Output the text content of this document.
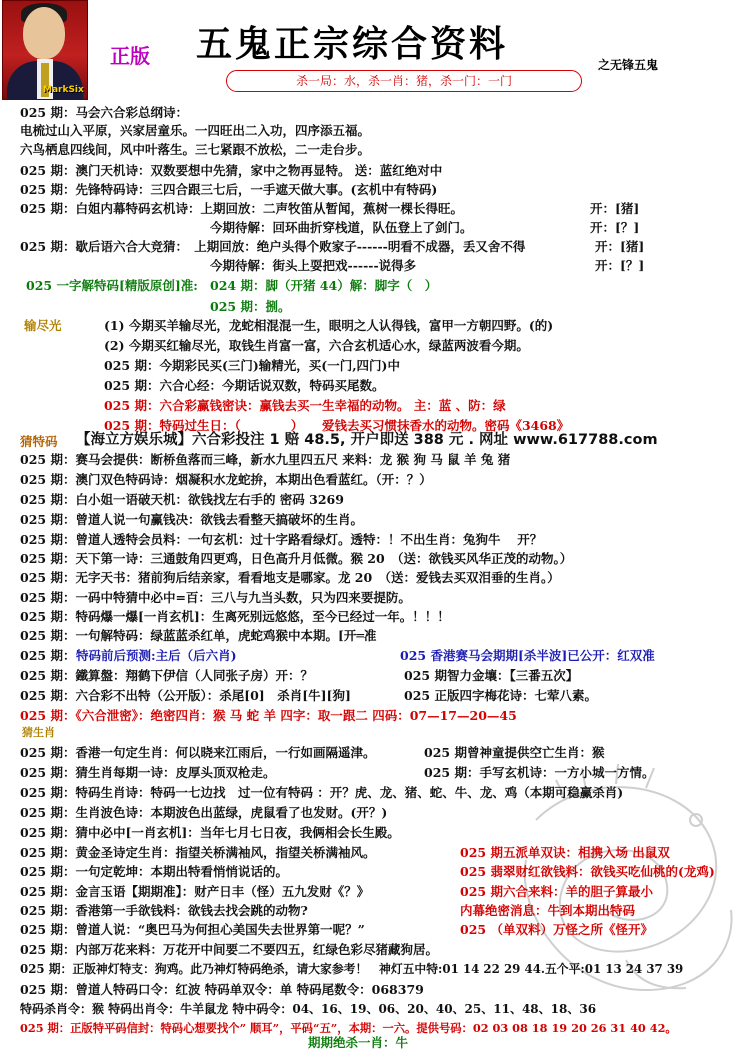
MarkSix
正版 五鬼正宗综合资料	之无锋五鬼
杀一局：水，杀一肖：猪，杀一门：一门
025 期：马会六合彩总纲诗：
电梳过山入平原，兴家居童乐。一四旺出二入功，四序添五福。
六鸟栖息四线间，风中叶落生。三七紧跟不放松，二一走台步。
025 期：澳门天机诗：双数要想中先猜，家中之物再显特。 送：蓝红绝对中
025 期：先锋特码诗：三四合跟三七后，一手遮天做大事。(玄机中有特码)
025 期：白姐内幕特码玄机诗：上期回放：二声牧笛从暂闻，蕉树一棵长得旺。	开：[猪]
今期待解：回环曲折穿栈道，队伍登上了剑门。	开：[？]
025 期：歇后语六合大竞猜：　上期回放：绝户头得个败家子------明看不成器，丢又舍不得	开：[猪]
今期待解：街头上耍把戏------说得多	开：[？]
025 一字解特码[精版原创]准: 024 期：脚（开猪 44）解：脚字（　）
025 期：捌。
输尽光	(1) 今期买羊输尽光，龙蛇相混混一生，眼明之人认得钱，富甲一方朝四野。(的)
(2) 今期买红输尽光，取钱生肖富一富，六合玄机适心水，绿蓝两波看今期。
025 期：今期彩民买(三门)输精光，买(一门,四门)中
025 期：六合心经：今期话说双数，特码买尾数。
025 期：六合彩赢钱密诀：赢钱去买一生幸福的动物。 主：蓝 、防：绿
025 期：特码过生日：（　　　　）　　爱钱去买习惯抹香水的动物。密码《3468》
猜特码 【海立方娱乐城】六合彩投注 1 赔 48.5, 开户即送 388 元 . 网址 www.617788.com
025 期：赛马会提供：断桥鱼落而三峰，新水九里四五尺 来料：龙 猴 狗 马 鼠 羊 兔 猪
025 期：澳门双色特码诗：烟凝积水龙蛇拚，本期出色看蓝红。（开：？）
025 期：白小姐一语破天机：欲钱找左右手的 密码 3269
025 期：曾道人说一句赢钱决：欲钱去看整天搞破坏的生肖。
025 期：曾道人透特会员料：一句玄机：过十字路看绿灯。透特：！不出生肖：兔狗牛　 开？
025 期：天下第一诗：三通鼓角四更鸡，日色高升月低微。猴 20　（送：欲钱买风华正茂的动物。）
025 期：无字天书：猪前狗后结亲家，看看地支是哪家。龙 20　（送：爱钱去买双泪垂的生肖。）
025 期：一码中特猜中必中=百：三八与九当头数，只为四来要提防。
025 期：特码爆一爆[一肖玄机]：生离死别远悠悠，至今已经过一年。！！！
025 期：一句解特码：绿蓝蓝杀红单，虎蛇鸡猴中本期。[开═准
025 期： 特码前后预测:主后（后六肖)	025 香港赛马会期期[杀半波]已公开：红双准
025 期：鐵算盤：翔鹤下伊信（人同张子房）开：？	025 期智力金壤：【三番五次】
025 期：六合彩不出特（公开版）：杀尾[0]　杀肖[牛][狗]	025 正版四字梅花诗：七荤八素。
025 期：《六合泄密》：绝密四肖：猴 马 蛇 羊 四字：取一跟二 四码：07—17—20—45
猜生肖
025 期：香港一句定生肖：何以晓来江雨后，一行如画隔遥津。	025 期曾神童提供空亡生肖：猴
025 期：猜生肖每期一诗：皮厚头顶双枪走。	025 期：手写玄机诗：一方小城一方情。
025 期：特码生肖诗：特码一七边找　过一位有特码 ：开？虎、龙、猪、蛇、牛、龙、鸡（本期可稳赢杀肖)
025 期：生肖波色诗：本期波色出蓝绿，虎鼠看了也发财。(开？)
025 期：猜中必中[一肖玄机]：当年七月七日夜，我俩相会长生殿。
025 期：黄金圣诗定生肖：指望关桥满袖风，指望关桥满袖风。	025 期五派单双诀：相携入场 出鼠双
025 期：一句定乾坤：本期出特看悄悄说话的。	025 翡翠财红欲钱料：欲钱买吃仙桃的(龙鸡)
025 期：金言玉语【期期准】：财产日丰（怪）五九发财《？》	025 期六合来料：羊的胆子算最小
025 期：香港第一手欲钱料：欲钱去找会跳的动物?	内幕绝密消息：牛到本期出特码
025 期：曾道人说：“奥巴马为何担心美国失去世界第一呢？”	025 （单双料）万怪之所《怪开》
025 期：内部万花来料：万花开中间要二不要四五，红绿色彩尽猪藏狗居。
025 期：正版神灯特支：狗鸡。此乃神灯特码绝杀，请大家参考！　神灯五中特:01 14 22 29 44.五个平:01 13 24 37 39
025 期：曾道人特码口令：红波 特码单双令：单 特码尾数令：068379
特码杀肖令：猴 特码出肖令：牛羊鼠龙 特中码令：04、16、19、06、20、40、25、11、48、18、36
025 期：正版特平码信封：特码心想要找个” 顺耳”，平码“五”，本期：一六。提供号码：02 03 08 18 19 20 26 31 40 42。
期期绝杀一肖：牛
